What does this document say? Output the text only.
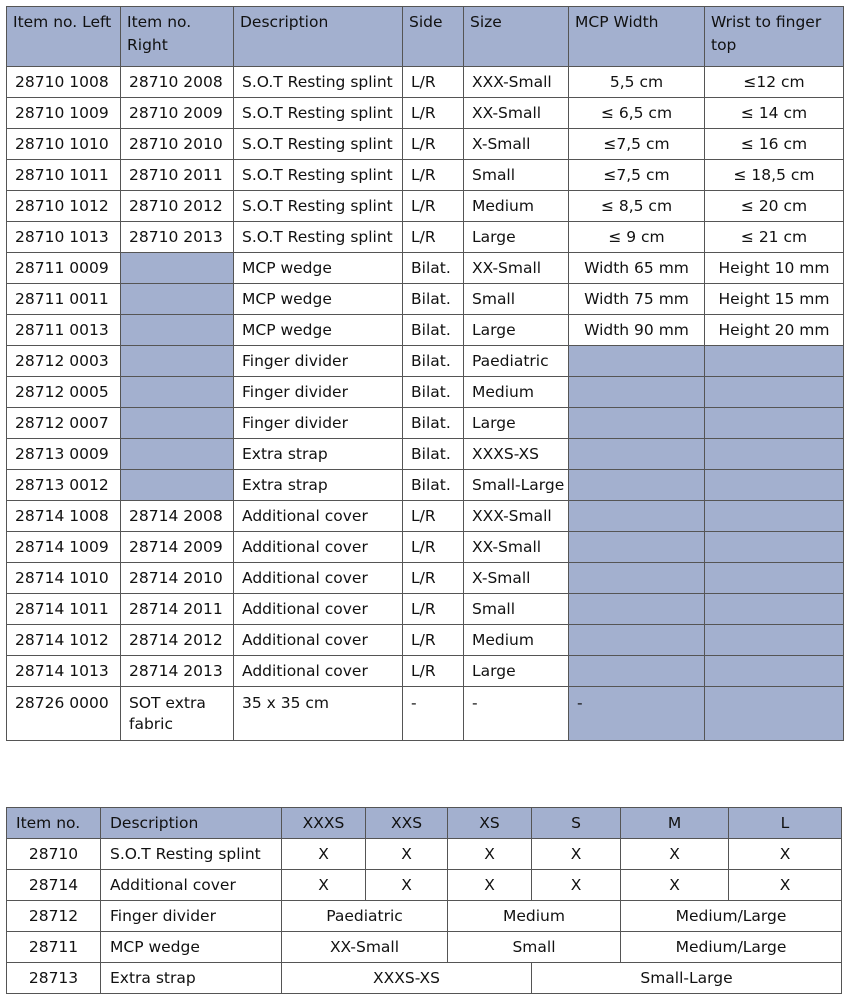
Item no. Left	Item no. Right	Description	Side	Size	MCP Width	Wrist to finger top
28710 1008	28710 2008	S.O.T Resting splint	L/R	XXX-Small	5,5 cm	≤12 cm
28710 1009	28710 2009	S.O.T Resting splint	L/R	XX-Small	≤ 6,5 cm	≤ 14 cm
28710 1010	28710 2010	S.O.T Resting splint	L/R	X-Small	≤7,5 cm	≤ 16 cm
28710 1011	28710 2011	S.O.T Resting splint	L/R	Small	≤7,5 cm	≤ 18,5 cm
28710 1012	28710 2012	S.O.T Resting splint	L/R	Medium	≤ 8,5 cm	≤ 20 cm
28710 1013	28710 2013	S.O.T Resting splint	L/R	Large	≤ 9 cm	≤ 21 cm
28711 0009		MCP wedge	Bilat.	XX-Small	Width 65 mm	Height 10 mm
28711 0011		MCP wedge	Bilat.	Small	Width 75 mm	Height 15 mm
28711 0013		MCP wedge	Bilat.	Large	Width 90 mm	Height 20 mm
28712 0003		Finger divider	Bilat.	Paediatric		
28712 0005		Finger divider	Bilat.	Medium		
28712 0007		Finger divider	Bilat.	Large		
28713 0009		Extra strap	Bilat.	XXXS-XS		
28713 0012		Extra strap	Bilat.	Small-Large		
28714 1008	28714 2008	Additional cover	L/R	XXX-Small		
28714 1009	28714 2009	Additional cover	L/R	XX-Small		
28714 1010	28714 2010	Additional cover	L/R	X-Small		
28714 1011	28714 2011	Additional cover	L/R	Small		
28714 1012	28714 2012	Additional cover	L/R	Medium		
28714 1013	28714 2013	Additional cover	L/R	Large		
28726 0000	SOT extra fabric	35 x 35 cm	-	-	-	
Item no.	Description	XXXS	XXS	XS	S	M	L
28710	S.O.T Resting splint	X	X	X	X	X	X
28714	Additional cover	X	X	X	X	X	X
28712	Finger divider	Paediatric		Medium		Medium/Large	
28711	MCP wedge	XX-Small		Small		Medium/Large	
28713	Extra strap	XXXS-XS			Small-Large		
